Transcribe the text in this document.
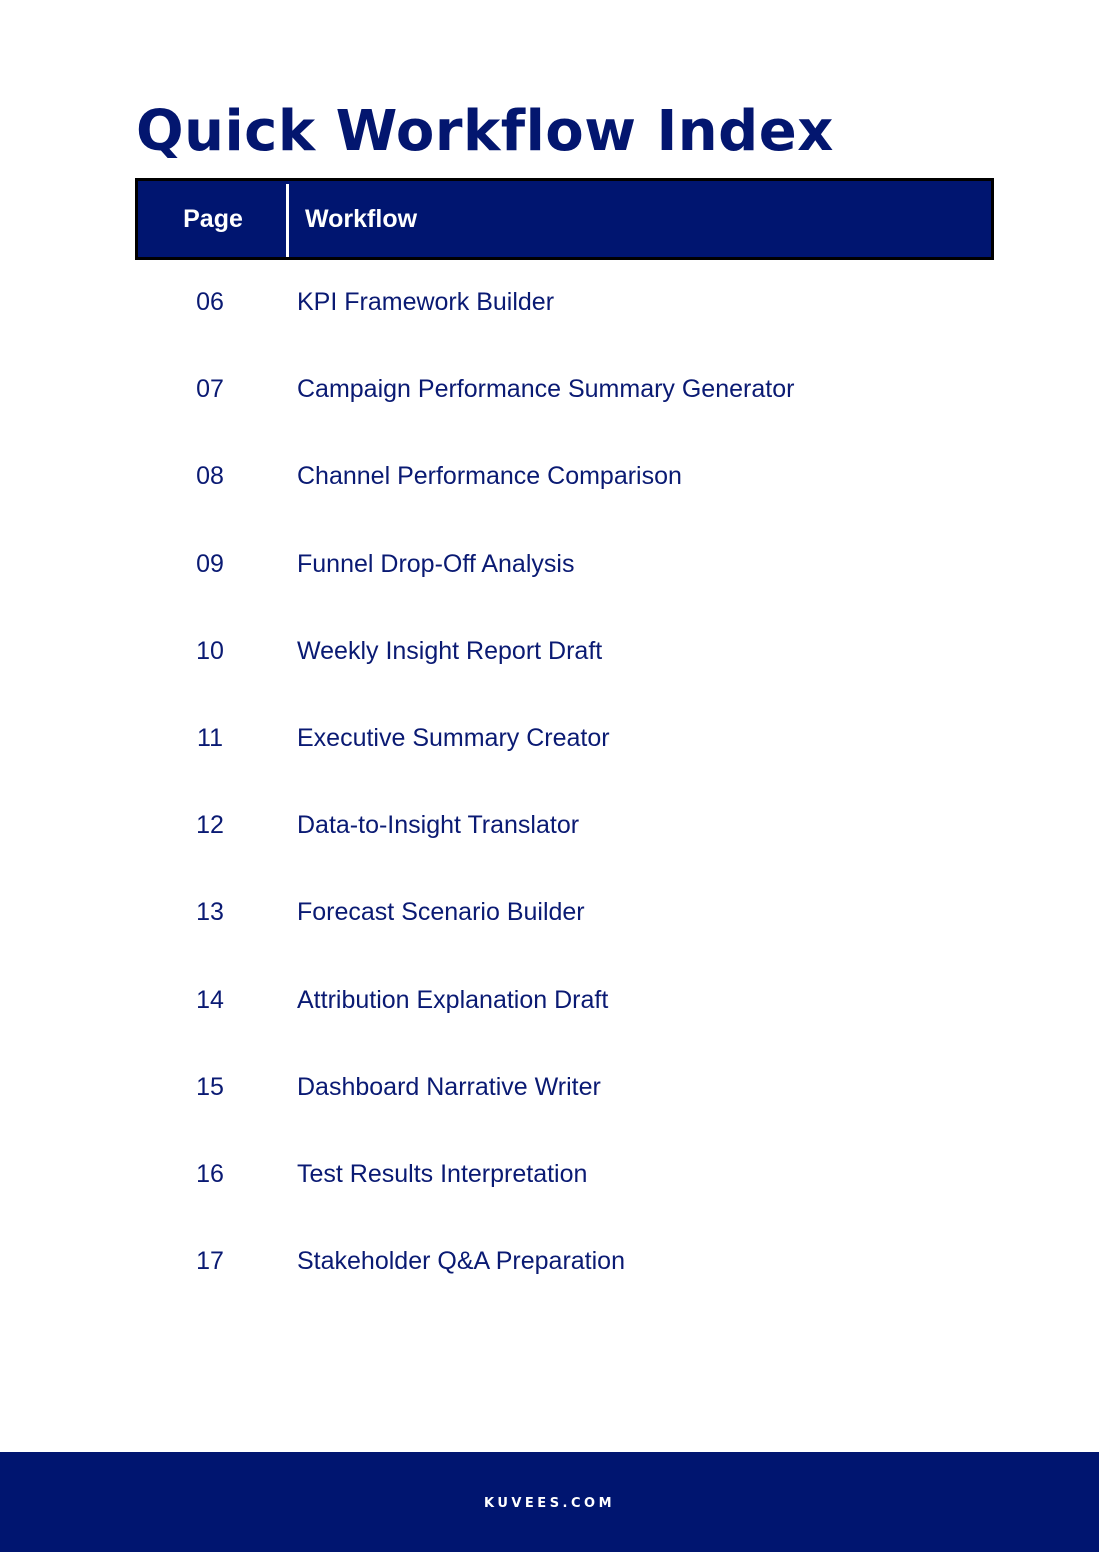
Quick Workflow Index
Page	Workflow
06	KPI Framework Builder
07	Campaign Performance Summary Generator
08	Channel Performance Comparison
09	Funnel Drop-Off Analysis
10	Weekly Insight Report Draft
11	Executive Summary Creator
12	Data-to-Insight Translator
13	Forecast Scenario Builder
14	Attribution Explanation Draft
15	Dashboard Narrative Writer
16	Test Results Interpretation
17	Stakeholder Q&A Preparation
KUVEES.COM
